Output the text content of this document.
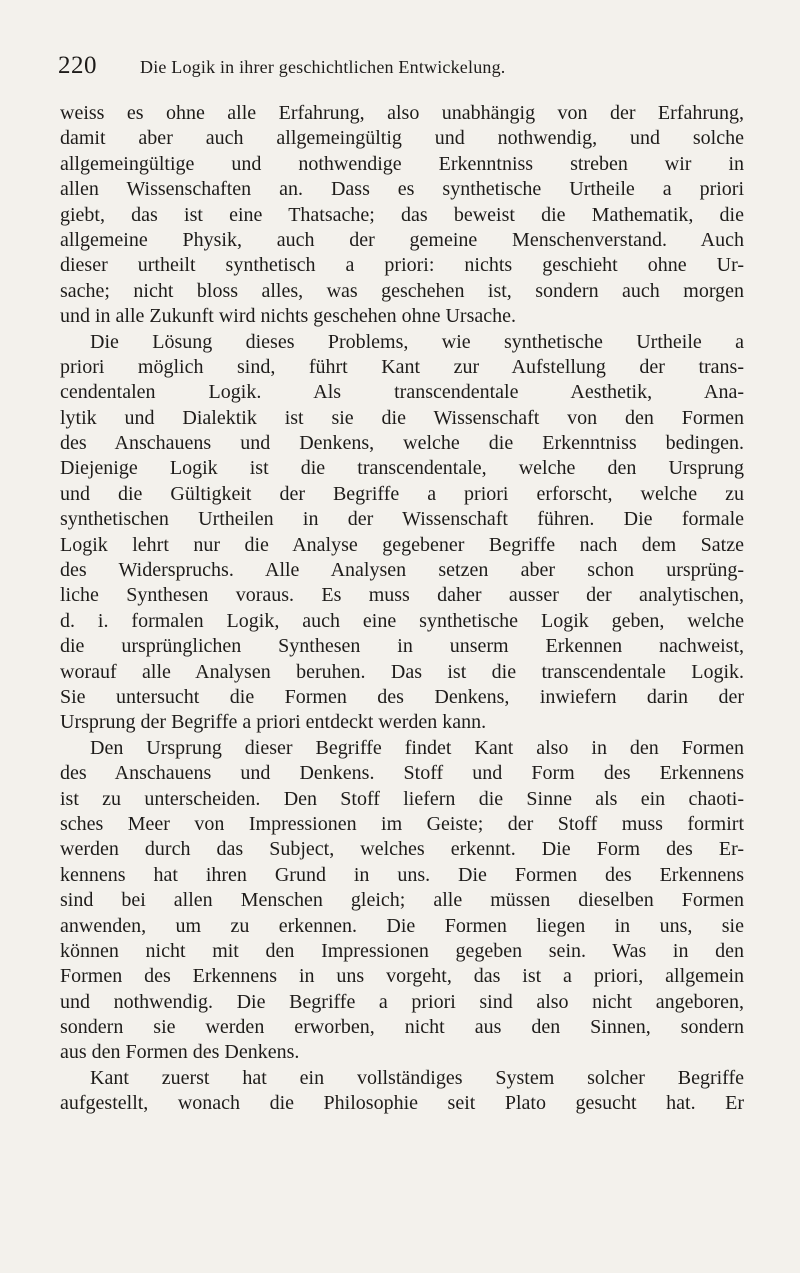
220 Die Logik in ihrer geschichtlichen Entwickelung.
weiss es ohne alle Erfahrung, also unabhängig von der Erfahrung,
damit aber auch allgemeingültig und nothwendig, und solche
allgemeingültige und nothwendige Erkenntniss streben wir in
allen Wissenschaften an. Dass es synthetische Urtheile a priori
giebt, das ist eine Thatsache; das beweist die Mathematik, die
allgemeine Physik, auch der gemeine Menschenverstand. Auch
dieser urtheilt synthetisch a priori: nichts geschieht ohne Ur-
sache; nicht bloss alles, was geschehen ist, sondern auch morgen
und in alle Zukunft wird nichts geschehen ohne Ursache.
Die Lösung dieses Problems, wie synthetische Urtheile a
priori möglich sind, führt Kant zur Aufstellung der trans-
cendentalen Logik. Als transcendentale Aesthetik, Ana-
lytik und Dialektik ist sie die Wissenschaft von den Formen
des Anschauens und Denkens, welche die Erkenntniss bedingen.
Diejenige Logik ist die transcendentale, welche den Ursprung
und die Gültigkeit der Begriffe a priori erforscht, welche zu
synthetischen Urtheilen in der Wissenschaft führen. Die formale
Logik lehrt nur die Analyse gegebener Begriffe nach dem Satze
des Widerspruchs. Alle Analysen setzen aber schon ursprüng-
liche Synthesen voraus. Es muss daher ausser der analytischen,
d. i. formalen Logik, auch eine synthetische Logik geben, welche
die ursprünglichen Synthesen in unserm Erkennen nachweist,
worauf alle Analysen beruhen. Das ist die transcendentale Logik.
Sie untersucht die Formen des Denkens, inwiefern darin der
Ursprung der Begriffe a priori entdeckt werden kann.
Den Ursprung dieser Begriffe findet Kant also in den Formen
des Anschauens und Denkens. Stoff und Form des Erkennens
ist zu unterscheiden. Den Stoff liefern die Sinne als ein chaoti-
sches Meer von Impressionen im Geiste; der Stoff muss formirt
werden durch das Subject, welches erkennt. Die Form des Er-
kennens hat ihren Grund in uns. Die Formen des Erkennens
sind bei allen Menschen gleich; alle müssen dieselben Formen
anwenden, um zu erkennen. Die Formen liegen in uns, sie
können nicht mit den Impressionen gegeben sein. Was in den
Formen des Erkennens in uns vorgeht, das ist a priori, allgemein
und nothwendig. Die Begriffe a priori sind also nicht angeboren,
sondern sie werden erworben, nicht aus den Sinnen, sondern
aus den Formen des Denkens.
Kant zuerst hat ein vollständiges System solcher Begriffe
aufgestellt, wonach die Philosophie seit Plato gesucht hat. Er
